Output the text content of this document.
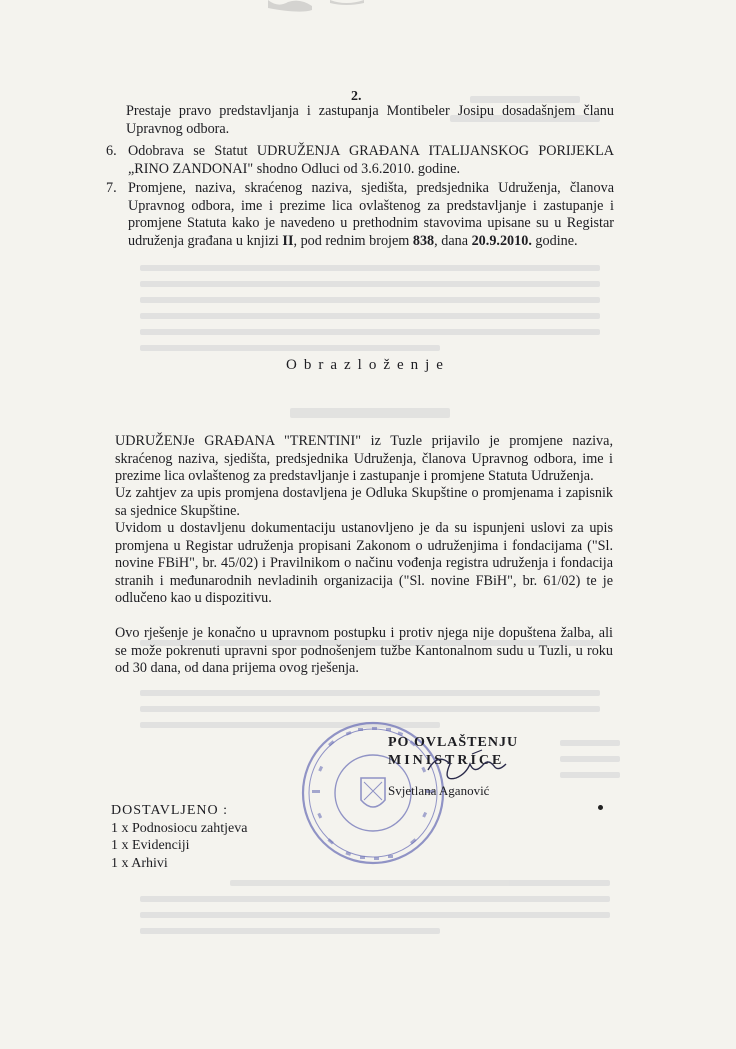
2.
Prestaje pravo predstavljanja i zastupanja Montibeler Josipu dosadašnjem članu Upravnog odbora.
6. Odobrava se Statut UDRUŽENJA GRAĐANA ITALIJANSKOG PORIJEKLA „RINO ZANDONAI" shodno Odluci od 3.6.2010. godine.
7. Promjene, naziva, skraćenog naziva, sjedišta, predsjednika Udruženja, članova Upravnog odbora, ime i prezime lica ovlaštenog za predstavljanje i zastupanje i promjene Statuta kako je navedeno u prethodnim stavovima upisane su u Registar udruženja građana u knjizi II, pod rednim brojem 838, dana 20.9.2010. godine.
Obrazloženje
UDRUŽENJe GRAĐANA "TRENTINI" iz Tuzle prijavilo je promjene naziva, skraćenog naziva, sjedišta, predsjednika Udruženja, članova Upravnog odbora, ime i prezime lica ovlaštenog za predstavljanje i zastupanje i promjene Statuta Udruženja.
Uz zahtjev za upis promjena dostavljena je Odluka Skupštine o promjenama i zapisnik sa sjednice Skupštine.
Uvidom u dostavljenu dokumentaciju ustanovljeno je da su ispunjeni uslovi za upis promjena u Registar udruženja propisani Zakonom o udruženjima i fondacijama ("Sl. novine FBiH", br. 45/02) i Pravilnikom o načinu vođenja registra udruženja i fondacija stranih i međunarodnih nevladinih organizacija ("Sl. novine FBiH", br. 61/02) te je odlučeno kao u dispozitivu.
Ovo rješenje je konačno u upravnom postupku i protiv njega nije dopuštena žalba, ali se može pokrenuti upravni spor podnošenjem tužbe Kantonalnom sudu u Tuzli, u roku od 30 dana, od dana prijema ovog rješenja.
PO OVLAŠTENJU
MINISTRICE
Svjetlana Aganović
DOSTAVLJENO :
1 x Podnosiocu zahtjeva
1 x Evidenciji
1 x Arhivi
